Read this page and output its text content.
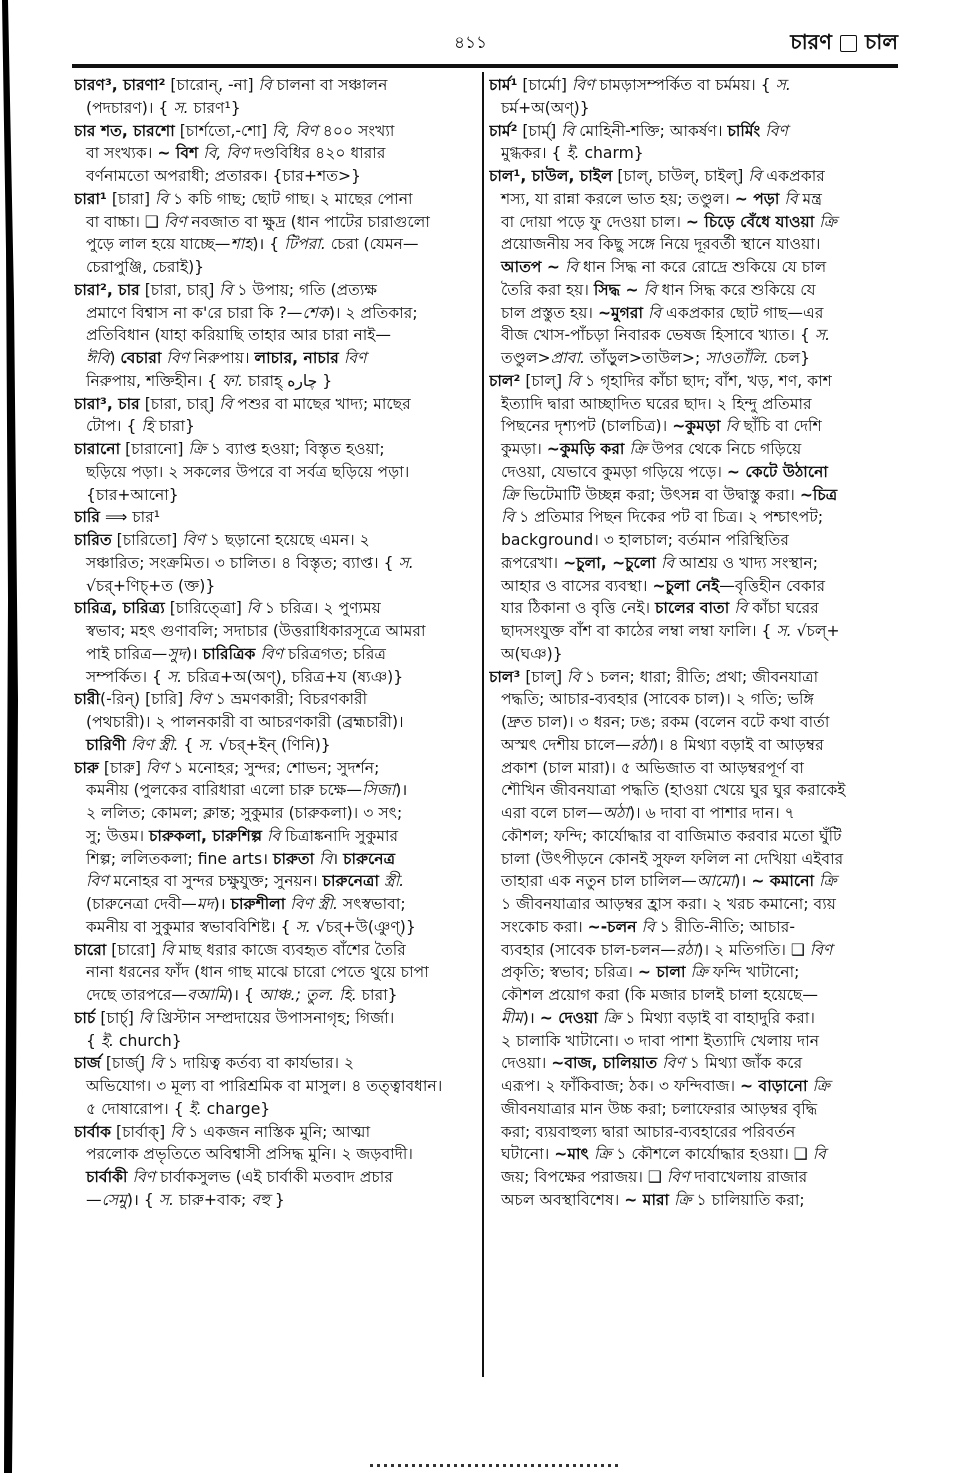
৪১১	চারণ চাল
চারণ³, চারণা² [চারোন্, -না] বি চালনা বা সঞ্চালন
(পদচারণ)। { স. চারণ¹}
চার শত, চারশো [চার্শতো,-শো] বি, বিণ ৪০০ সংখ্যা
বা সংখ্যক। ~ বিশ বি, বিণ দণ্ডবিধির ৪২০ ধারার
বর্ণনামতো অপরাধী; প্রতারক। {চার+শত>}
চারা¹ [চারা] বি ১ কচি গাছ; ছোট গাছ। ২ মাছের পোনা
বা বাচ্চা। ❑ বিণ নবজাত বা ক্ষুদ্র (ধান পাটের চারাগুলো
পুড়ে লাল হয়ে যাচ্ছে—শাহ)। { টিপরা. চেরা (যেমন—
চেরাপুঞ্জি, চেরাই)}
চারা², চার [চারা, চার্] বি ১ উপায়; গতি (প্রত্যক্ষ
প্রমাণে বিশ্বাস না ক'রে চারা কি ?—শেক)। ২ প্রতিকার;
প্রতিবিধান (যাহা করিয়াছি তাহার আর চারা নাই—
ঈবি) বেচারা বিণ নিরুপায়। লাচার, নাচার বিণ
নিরুপায়, শক্তিহীন। { ফা. চারাহ্ چاره }
চারা³, চার [চারা, চার্] বি পশুর বা মাছের খাদ্য; মাছের
টোপ। { হি চারা}
চারানো [চারানো] ক্রি ১ ব্যাপ্ত হওয়া; বিস্তৃত হওয়া;
ছড়িয়ে পড়া। ২ সকলের উপরে বা সর্বত্র ছড়িয়ে পড়া।
{চার+আনো}
চারি ⟹ চার¹
চারিত [চারিতো] বিণ ১ ছড়ানো হয়েছে এমন। ২
সঞ্চারিত; সংক্রমিত। ৩ চালিত। ৪ বিস্তৃত; ব্যাপ্ত। { স.
√চর্+ণিচ্+ত (ক্ত)}
চারিত্র, চারিত্র্য [চারিত্ত্রো] বি ১ চরিত্র। ২ পুণ্যময়
স্বভাব; মহৎ গুণাবলি; সদাচার (উত্তরাধিকারসূত্রে আমরা
পাই চারিত্র—সুদ)। চারিত্রিক বিণ চরিত্রগত; চরিত্র
সম্পর্কিত। { স. চরিত্র+অ(অণ্), চরিত্র+য (ষ্যঞ)}
চারী(-রিন্) [চারি] বিণ ১ ভ্রমণকারী; বিচরণকারী
(পথচারী)। ২ পালনকারী বা আচরণকারী (ব্রহ্মচারী)।
চারিণী বিণ স্ত্রী. { স. √চর্+ইন্ (ণিনি)}
চারু [চারু] বিণ ১ মনোহর; সুন্দর; শোভন; সুদর্শন;
কমনীয় (পুলকের বারিধারা এলো চারু চক্ষে—সিজা)।
২ ললিত; কোমল; ক্লান্ত; সুকুমার (চারুকলা)। ৩ সৎ;
সু; উত্তম। চারুকলা, চারুশিল্প বি চিত্রাঙ্কনাদি সুকুমার
শিল্প; ললিতকলা; fine arts। চারুতা বি। চারুনেত্র
বিণ মনোহর বা সুন্দর চক্ষুযুক্ত; সুনয়ন। চারুনেত্রা স্ত্রী.
(চারুনেত্রা দেবী—মদ)। চারুশীলা বিণ স্ত্রী. সৎস্বভাবা;
কমনীয় বা সুকুমার স্বভাববিশিষ্ট। { স. √চর্+উ(ঞুণ্)}
চারো [চারো] বি মাছ ধরার কাজে ব্যবহৃত বাঁশের তৈরি
নানা ধরনের ফাঁদ (ধান গাছ মাঝে চারো পেতে থুয়ে চাপা
দেছে তারপরে—বআমি)। { আঞ্চ.; তুল. হি. চারা}
চার্চ [চার্চ্] বি খ্রিস্টান সম্প্রদায়ের উপাসনাগৃহ; গির্জা।
{ ই. church}
চার্জ [চার্জ্] বি ১ দায়িত্ব কর্তব্য বা কার্যভার। ২
অভিযোগ। ৩ মূল্য বা পারিশ্রমিক বা মাসুল। ৪ তত্ত্বাবধান।
৫ দোষারোপ। { ই. charge}
চার্বাক [চার্বাক্] বি ১ একজন নাস্তিক মুনি; আত্মা
পরলোক প্রভৃতিতে অবিশ্বাসী প্রসিদ্ধ মুনি। ২ জড়বাদী।
চার্বাকী বিণ চার্বাকসুলভ (এই চার্বাকী মতবাদ প্রচার
—সেমু)। { স. চারু+বাক; বহু }
চার্ম¹ [চার্মো] বিণ চামড়াসম্পর্কিত বা চর্মময়। { স.
চর্ম+অ(অণ্)}
চার্ম² [চার্ম্] বি মোহিনী-শক্তি; আকর্ষণ। চার্মিং বিণ
মুগ্ধকর। { ই. charm}
চাল¹, চাউল, চাইল [চাল্, চাউল্, চাইল্] বি একপ্রকার
শস্য, যা রান্না করলে ভাত হয়; তণ্ডুল। ~ পড়া বি মন্ত্র
বা দোয়া পড়ে ফু দেওয়া চাল। ~ চিড়ে বেঁধে যাওয়া ক্রি
প্রয়োজনীয় সব কিছু সঙ্গে নিয়ে দূরবর্তী স্থানে যাওয়া।
আতপ ~ বি ধান সিদ্ধ না করে রোদ্রে শুকিয়ে যে চাল
তৈরি করা হয়। সিদ্ধ ~ বি ধান সিদ্ধ করে শুকিয়ে যে
চাল প্রস্তুত হয়। ~মুগরা বি একপ্রকার ছোট গাছ—এর
বীজ খোস-পাঁচড়া নিবারক ভেষজ হিসাবে খ্যাত। { স.
তণ্ডুল>প্রাবা. তাঁড়ুল>তাউল>; সাওতাঁলি. চেল}
চাল² [চাল্] বি ১ গৃহাদির কাঁচা ছাদ; বাঁশ, খড়, শণ, কাশ
ইত্যাদি দ্বারা আচ্ছাদিত ঘরের ছাদ। ২ হিন্দু প্রতিমার
পিছনের দৃশ্যপট (চালচিত্র)। ~কুমড়া বি ছাঁচি বা দেশি
কুমড়া। ~কুমড়ি করা ক্রি উপর থেকে নিচে গড়িয়ে
দেওয়া, যেভাবে কুমড়া গড়িয়ে পড়ে। ~ কেটে উঠানো
ক্রি ভিটেমাটি উচ্ছন্ন করা; উৎসন্ন বা উদ্বাস্তু করা। ~চিত্র
বি ১ প্রতিমার পিছন দিকের পট বা চিত্র। ২ পশ্চাৎপট;
background। ৩ হালচাল; বর্তমান পরিস্থিতির
রূপরেখা। ~চুলা, ~চুলো বি আশ্রয় ও খাদ্য সংস্থান;
আহার ও বাসের ব্যবস্থা। ~চুলা নেই—বৃত্তিহীন বেকার
যার ঠিকানা ও বৃত্তি নেই। চালের বাতা বি কাঁচা ঘরের
ছাদসংযুক্ত বাঁশ বা কাঠের লম্বা লম্বা ফালি। { স. √চল্+
অ(ঘঞ)}
চাল³ [চাল্] বি ১ চলন; ধারা; রীতি; প্রথা; জীবনযাত্রা
পদ্ধতি; আচার-ব্যবহার (সাবেক চাল)। ২ গতি; ভঙ্গি
(দ্রুত চাল)। ৩ ধরন; ঢঙ; রকম (বলেন বটে কথা বার্তা
অস্মৎ দেশীয় চালে—রঠা)। ৪ মিথ্যা বড়াই বা আড়ম্বর
প্রকাশ (চাল মারা)। ৫ অভিজাত বা আড়ম্বরপূর্ণ বা
শৌখিন জীবনযাত্রা পদ্ধতি (হাওয়া খেয়ে ঘুর ঘুর করাকেই
এরা বলে চাল—অঠা)। ৬ দাবা বা পাশার দান। ৭
কৌশল; ফন্দি; কার্যোদ্ধার বা বাজিমাত করবার মতো ঘুঁটি
চালা (উৎপীড়নে কোনই সুফল ফলিল না দেখিয়া এইবার
তাহারা এক নতুন চাল চালিল—আমো)। ~ কমানো ক্রি
১ জীবনযাত্রার আড়ম্বর হ্রাস করা। ২ খরচ কমানো; ব্যয়
সংকোচ করা। ~-চলন বি ১ রীতি-নীতি; আচার-
ব্যবহার (সাবেক চাল-চলন—রঠা)। ২ মতিগতি। ❑ বিণ
প্রকৃতি; স্বভাব; চরিত্র। ~ চালা ক্রি ফন্দি খাটানো;
কৌশল প্রয়োগ করা (কি মজার চালই চালা হয়েছে—
মীম)। ~ দেওয়া ক্রি ১ মিথ্যা বড়াই বা বাহাদুরি করা।
২ চালাকি খাটানো। ৩ দাবা পাশা ইত্যাদি খেলায় দান
দেওয়া। ~বাজ, চালিয়াত বিণ ১ মিথ্যা জাঁক করে
এরূপ। ২ ফাঁকিবাজ; ঠক। ৩ ফন্দিবাজ। ~ বাড়ানো ক্রি
জীবনযাত্রার মান উচ্চ করা; চলাফেরার আড়ম্বর বৃদ্ধি
করা; ব্যয়বাহুল্য দ্বারা আচার-ব্যবহারের পরিবর্তন
ঘটানো। ~মাৎ ক্রি ১ কৌশলে কার্যোদ্ধার হওয়া। ❑ বি
জয়; বিপক্ষের পরাজয়। ❑ বিণ দাবাখেলায় রাজার
অচল অবস্থাবিশেষ। ~ মারা ক্রি ১ চালিয়াতি করা;
